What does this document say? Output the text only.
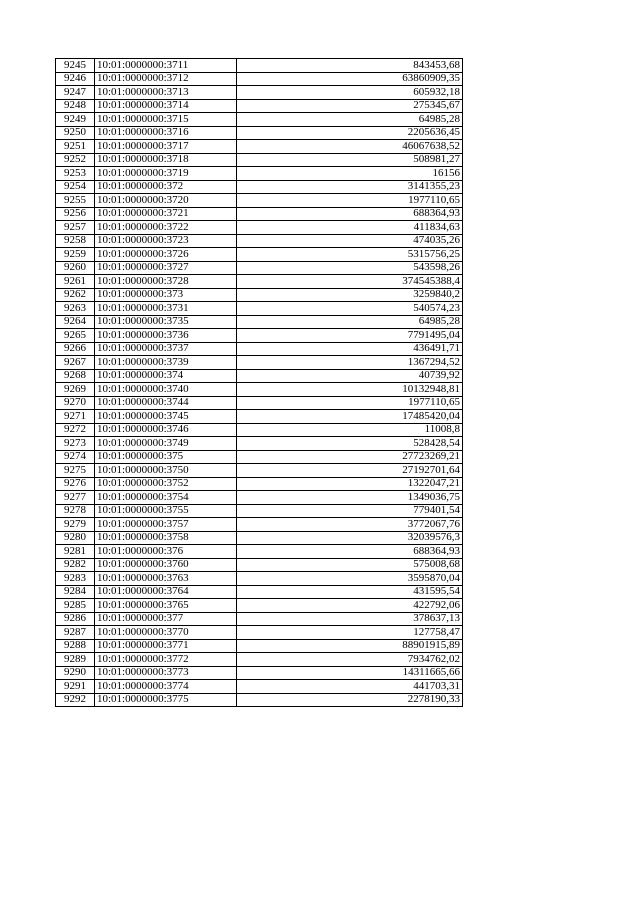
9245	10:01:0000000:3711	843453,68
9246	10:01:0000000:3712	63860909,35
9247	10:01:0000000:3713	605932,18
9248	10:01:0000000:3714	275345,67
9249	10:01:0000000:3715	64985,28
9250	10:01:0000000:3716	2205636,45
9251	10:01:0000000:3717	46067638,52
9252	10:01:0000000:3718	508981,27
9253	10:01:0000000:3719	16156
9254	10:01:0000000:372	3141355,23
9255	10:01:0000000:3720	1977110,65
9256	10:01:0000000:3721	688364,93
9257	10:01:0000000:3722	411834,63
9258	10:01:0000000:3723	474035,26
9259	10:01:0000000:3726	5315756,25
9260	10:01:0000000:3727	543598,26
9261	10:01:0000000:3728	374545388,4
9262	10:01:0000000:373	3259840,2
9263	10:01:0000000:3731	540574,23
9264	10:01:0000000:3735	64985,28
9265	10:01:0000000:3736	7791495,04
9266	10:01:0000000:3737	436491,71
9267	10:01:0000000:3739	1367294,52
9268	10:01:0000000:374	40739,92
9269	10:01:0000000:3740	10132948,81
9270	10:01:0000000:3744	1977110,65
9271	10:01:0000000:3745	17485420,04
9272	10:01:0000000:3746	11008,8
9273	10:01:0000000:3749	528428,54
9274	10:01:0000000:375	27723269,21
9275	10:01:0000000:3750	27192701,64
9276	10:01:0000000:3752	1322047,21
9277	10:01:0000000:3754	1349036,75
9278	10:01:0000000:3755	779401,54
9279	10:01:0000000:3757	3772067,76
9280	10:01:0000000:3758	32039576,3
9281	10:01:0000000:376	688364,93
9282	10:01:0000000:3760	575008,68
9283	10:01:0000000:3763	3595870,04
9284	10:01:0000000:3764	431595,54
9285	10:01:0000000:3765	422792,06
9286	10:01:0000000:377	378637,13
9287	10:01:0000000:3770	127758,47
9288	10:01:0000000:3771	88901915,89
9289	10:01:0000000:3772	7934762,02
9290	10:01:0000000:3773	14311665,66
9291	10:01:0000000:3774	441703,31
9292	10:01:0000000:3775	2278190,33
